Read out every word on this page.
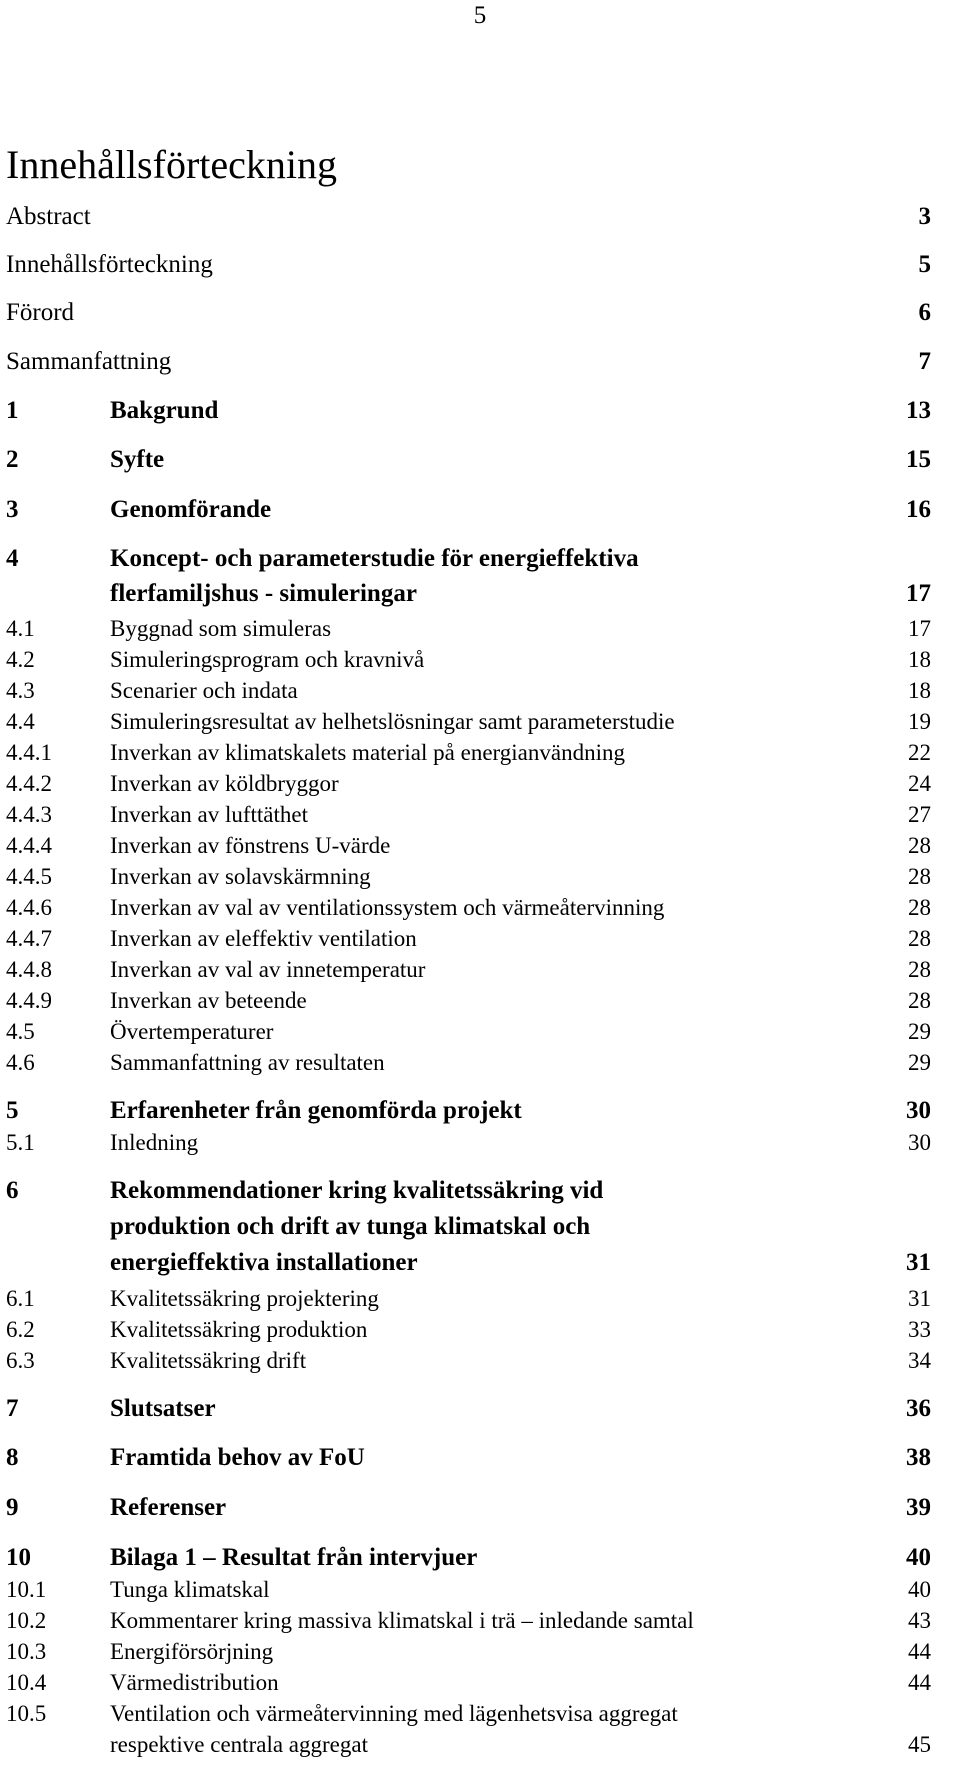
5
Innehållsförteckning
Abstract	3
Innehållsförteckning	5
Förord	6
Sammanfattning	7
1	Bakgrund	13
2	Syfte	15
3	Genomförande	16
4	Koncept- och parameterstudie för energieffektiva
flerfamiljshus - simuleringar	17
4.1	Byggnad som simuleras	17
4.2	Simuleringsprogram och kravnivå	18
4.3	Scenarier och indata	18
4.4	Simuleringsresultat av helhetslösningar samt parameterstudie	19
4.4.1	Inverkan av klimatskalets material på energianvändning	22
4.4.2	Inverkan av köldbryggor	24
4.4.3	Inverkan av lufttäthet	27
4.4.4	Inverkan av fönstrens U-värde	28
4.4.5	Inverkan av solavskärmning	28
4.4.6	Inverkan av val av ventilationssystem och värmeåtervinning	28
4.4.7	Inverkan av eleffektiv ventilation	28
4.4.8	Inverkan av val av innetemperatur	28
4.4.9	Inverkan av beteende	28
4.5	Övertemperaturer	29
4.6	Sammanfattning av resultaten	29
5	Erfarenheter från genomförda projekt	30
5.1	Inledning	30
6	Rekommendationer kring kvalitetssäkring vid
produktion och drift av tunga klimatskal och
energieffektiva installationer	31
6.1	Kvalitetssäkring projektering	31
6.2	Kvalitetssäkring produktion	33
6.3	Kvalitetssäkring drift	34
7	Slutsatser	36
8	Framtida behov av FoU	38
9	Referenser	39
10	Bilaga 1 – Resultat från intervjuer	40
10.1	Tunga klimatskal	40
10.2	Kommentarer kring massiva klimatskal i trä – inledande samtal	43
10.3	Energiförsörjning	44
10.4	Värmedistribution	44
10.5	Ventilation och värmeåtervinning med lägenhetsvisa aggregat
respektive centrala aggregat	45
